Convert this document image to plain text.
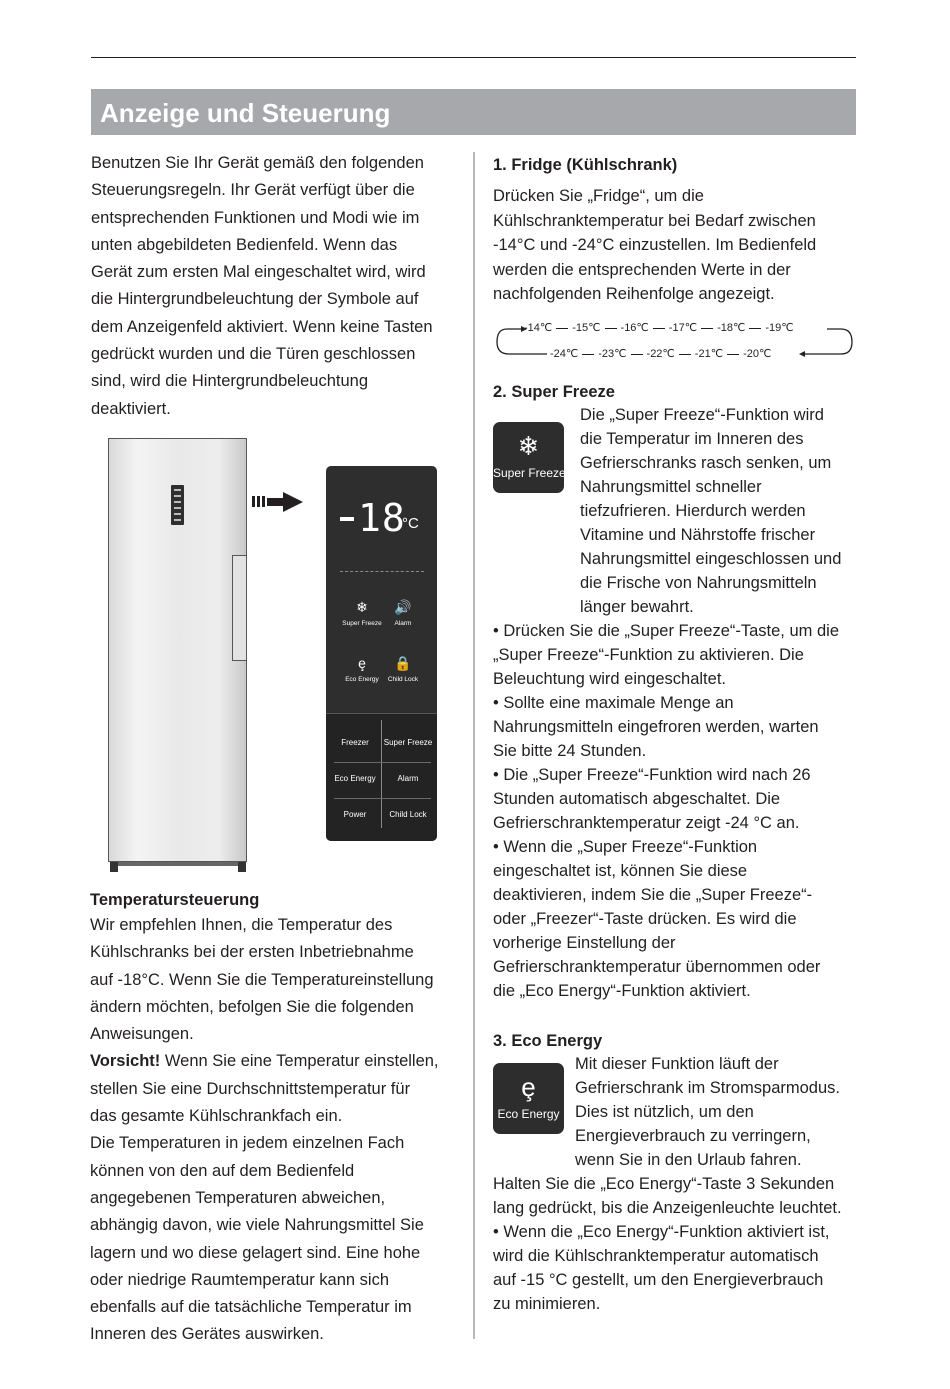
Anzeige und Steuerung
Benutzen Sie Ihr Gerät gemäß den folgenden
Steuerungsregeln. Ihr Gerät verfügt über die
entsprechenden Funktionen und Modi wie im
unten abgebildeten Bedienfeld. Wenn das
Gerät zum ersten Mal eingeschaltet wird, wird
die Hintergrundbeleuchtung der Symbole auf
dem Anzeigenfeld aktiviert. Wenn keine Tasten
gedrückt wurden und die Türen geschlossen
sind, wird die Hintergrundbeleuchtung
deaktiviert.
18
°C
❄
Super Freeze
🔊
Alarm
ȩ
Eco Energy
🔒
Child Lock
Freezer	Super Freeze
Eco Energy	Alarm
Power	Child Lock
Temperatursteuerung
Wir empfehlen Ihnen, die Temperatur des
Kühlschranks bei der ersten Inbetriebnahme
auf -18°C. Wenn Sie die Temperatureinstellung
ändern möchten, befolgen Sie die folgenden
Anweisungen.
Vorsicht! Wenn Sie eine Temperatur einstellen,
stellen Sie eine Durchschnittstemperatur für
das gesamte Kühlschrankfach ein.
Die Temperaturen in jedem einzelnen Fach
können von den auf dem Bedienfeld
angegebenen Temperaturen abweichen,
abhängig davon, wie viele Nahrungsmittel Sie
lagern und wo diese gelagert sind. Eine hohe
oder niedrige Raumtemperatur kann sich
ebenfalls auf die tatsächliche Temperatur im
Inneren des Gerätes auswirken.
1. Fridge (Kühlschrank)
Drücken Sie „Fridge“, um die
Kühlschranktemperatur bei Bedarf zwischen
-14°C und -24°C einzustellen. Im Bedienfeld
werden die entsprechenden Werte in der
nachfolgenden Reihenfolge angezeigt.
-14℃ -15℃ -16℃ -17℃ -18℃ -19℃
-24℃ -23℃ -22℃ -21℃ -20℃
2. Super Freeze
❄
Super Freeze
Die „Super Freeze“-Funktion wird
die Temperatur im Inneren des
Gefrierschranks rasch senken, um
Nahrungsmittel schneller
tiefzufrieren. Hierdurch werden
Vitamine und Nährstoffe frischer
Nahrungsmittel eingeschlossen und
die Frische von Nahrungsmitteln
länger bewahrt.
• Drücken Sie die „Super Freeze“-Taste, um die
„Super Freeze“-Funktion zu aktivieren. Die
Beleuchtung wird eingeschaltet.
• Sollte eine maximale Menge an
Nahrungsmitteln eingefroren werden, warten
Sie bitte 24 Stunden.
• Die „Super Freeze“-Funktion wird nach 26
Stunden automatisch abgeschaltet. Die
Gefrierschranktemperatur zeigt -24 °C an.
• Wenn die „Super Freeze“-Funktion
eingeschaltet ist, können Sie diese
deaktivieren, indem Sie die „Super Freeze“-
oder „Freezer“-Taste drücken. Es wird die
vorherige Einstellung der
Gefrierschranktemperatur übernommen oder
die „Eco Energy“-Funktion aktiviert.
3. Eco Energy
ȩ
Eco Energy
Mit dieser Funktion läuft der
Gefrierschrank im Stromsparmodus.
Dies ist nützlich, um den
Energieverbrauch zu verringern,
wenn Sie in den Urlaub fahren.
Halten Sie die „Eco Energy“-Taste 3 Sekunden
lang gedrückt, bis die Anzeigenleuchte leuchtet.
• Wenn die „Eco Energy“-Funktion aktiviert ist,
wird die Kühlschranktemperatur automatisch
auf -15 °C gestellt, um den Energieverbrauch
zu minimieren.
